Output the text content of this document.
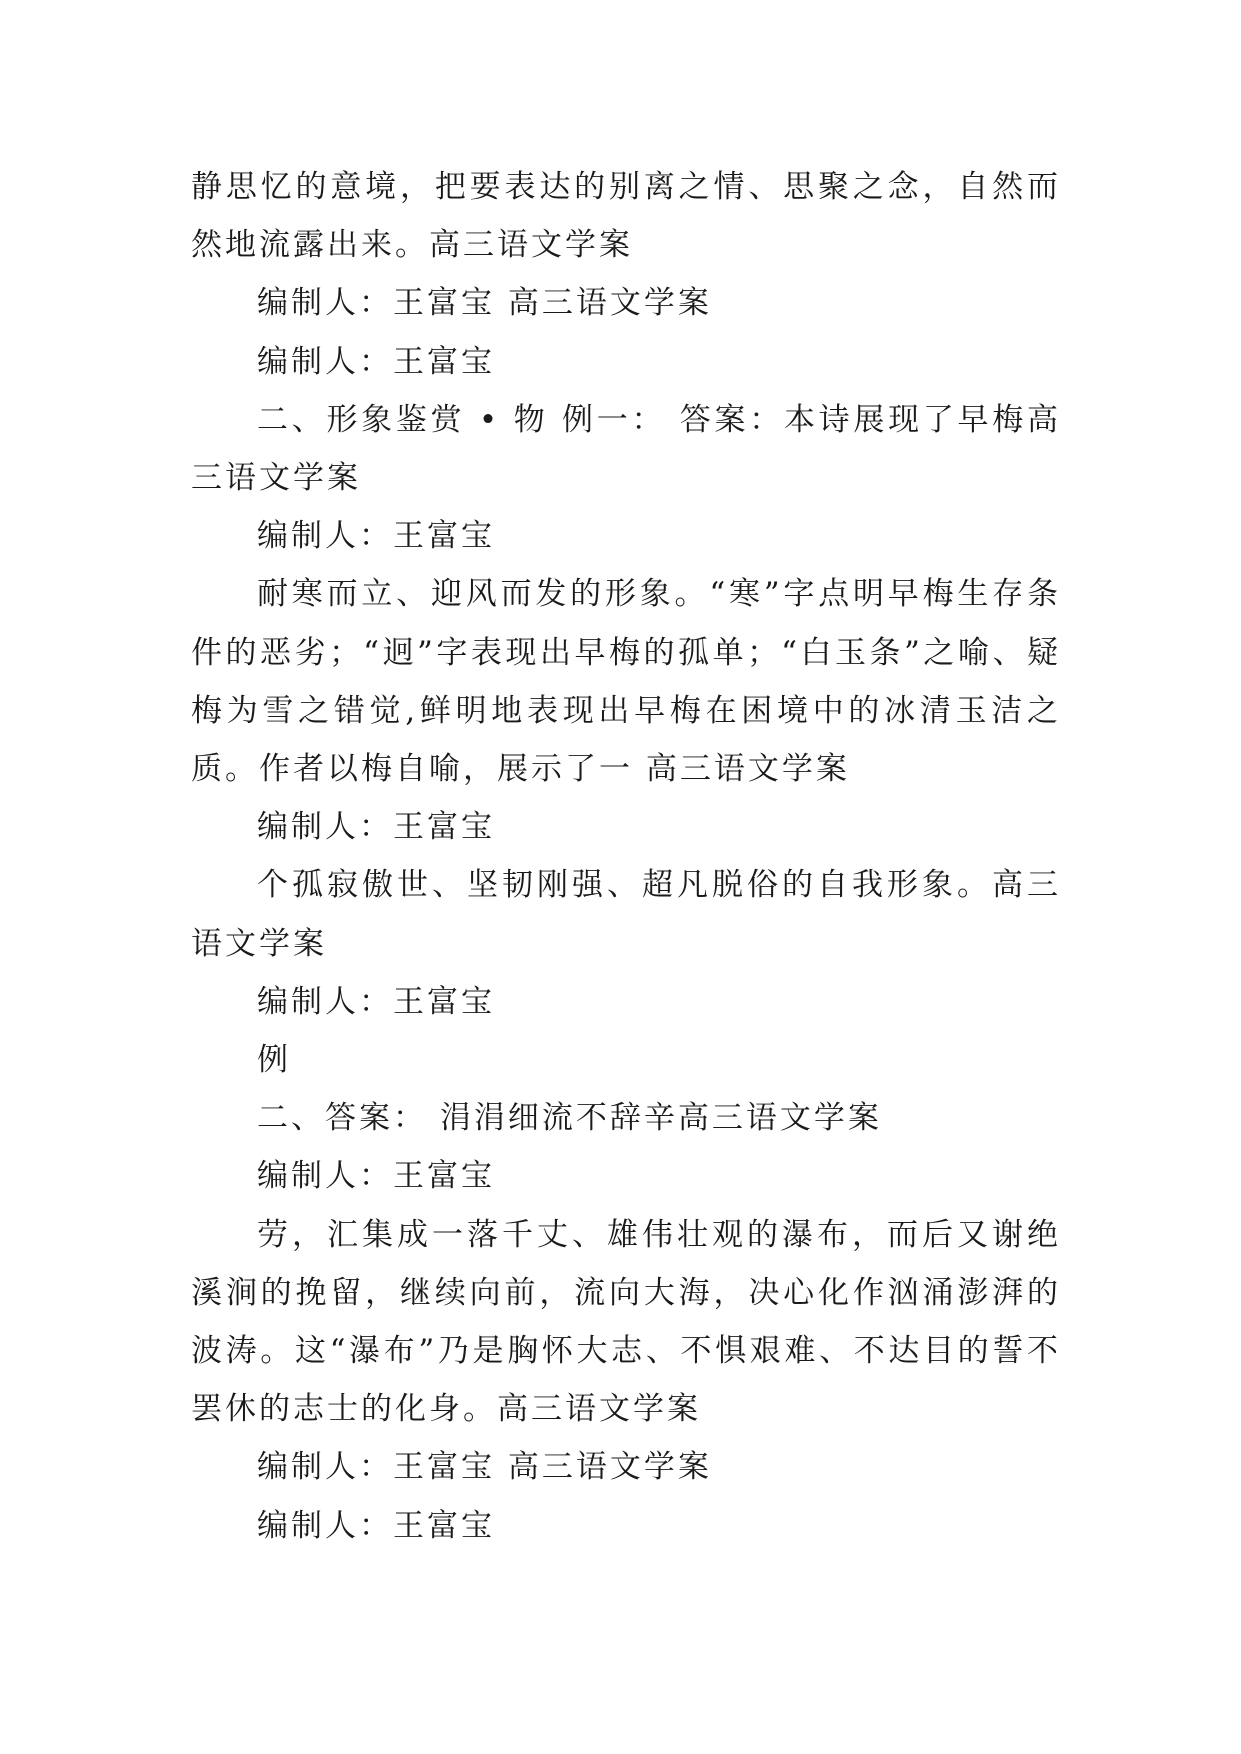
静思忆的意境，把要表达的别离之情、思聚之念，自然而然地流露出来。高三语文学案

编制人：王富宝 高三语文学案

编制人：王富宝

二、形象鉴赏 • 物 例一： 答案：本诗展现了早梅高三语文学案

编制人：王富宝

耐寒而立、迎风而发的形象。“寒”字点明早梅生存条件的恶劣；“迥”字表现出早梅的孤单；“白玉条”之喻、疑梅为雪之错觉,鲜明地表现出早梅在困境中的冰清玉洁之质。作者以梅自喻，展示了一 高三语文学案

编制人：王富宝

个孤寂傲世、坚韧刚强、超凡脱俗的自我形象。高三语文学案

编制人：王富宝

例

二、答案： 涓涓细流不辞辛高三语文学案

编制人：王富宝

劳，汇集成一落千丈、雄伟壮观的瀑布，而后又谢绝溪涧的挽留，继续向前，流向大海，决心化作汹涌澎湃的波涛。这“瀑布”乃是胸怀大志、不惧艰难、不达目的誓不罢休的志士的化身。高三语文学案

编制人：王富宝 高三语文学案

编制人：王富宝
